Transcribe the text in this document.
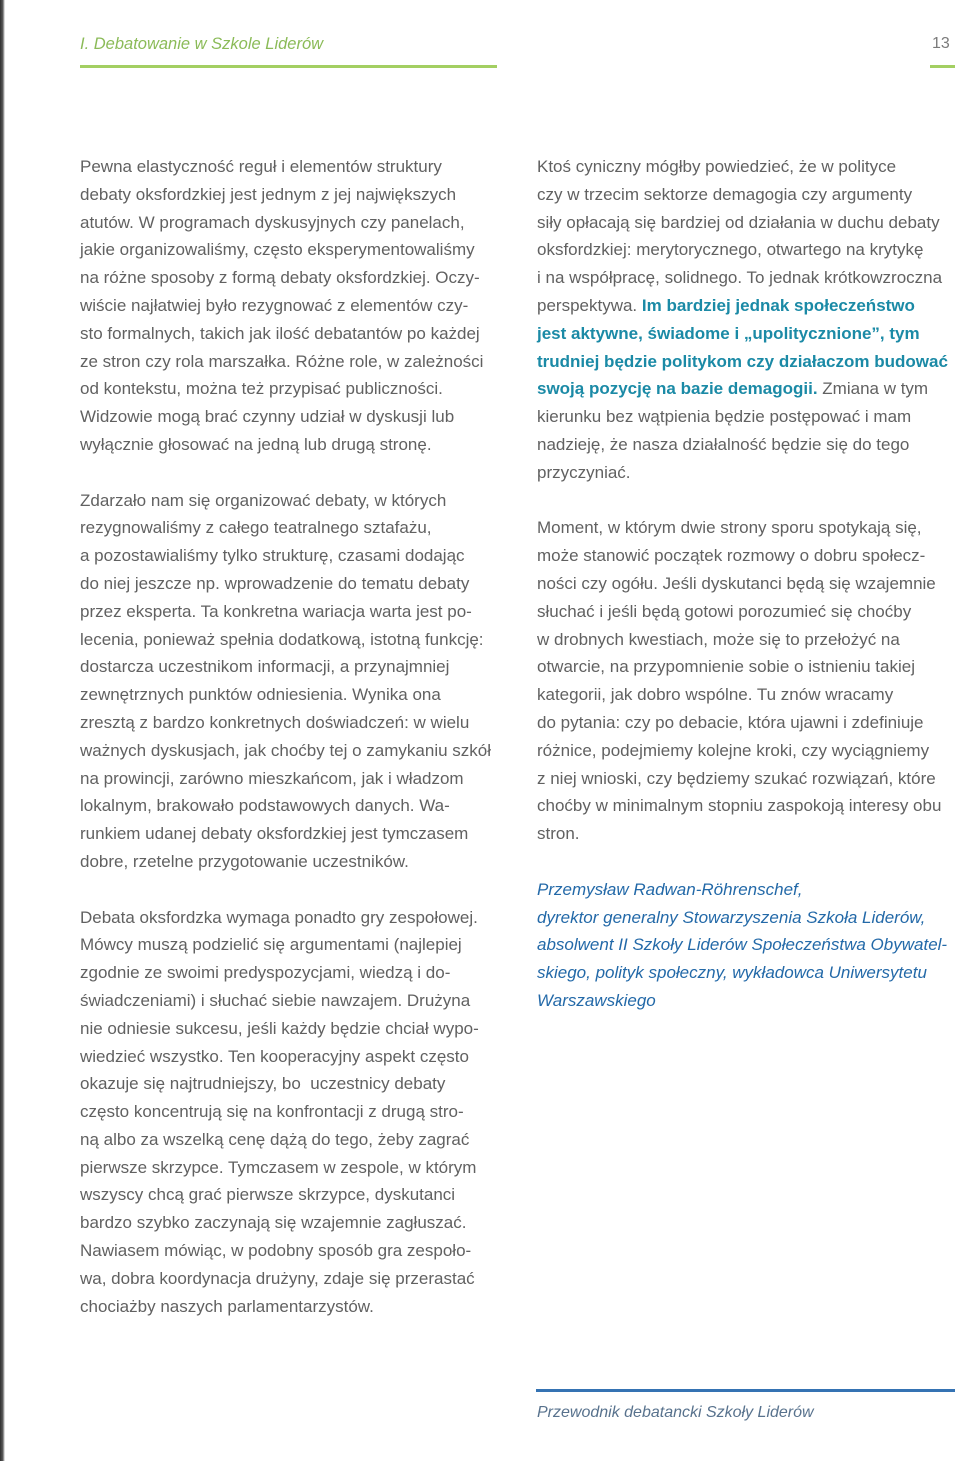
I. Debatowanie w Szkole Liderów	13

Pewna elastyczność reguł i elementów struktury
debaty oksfordzkiej jest jednym z jej największych
atutów. W programach dyskusyjnych czy panelach,
jakie organizowaliśmy, często eksperymentowaliśmy
na różne sposoby z formą debaty oksfordzkiej. Oczy-
wiście najłatwiej było rezygnować z elementów czy-
sto formalnych, takich jak ilość debatantów po każdej
ze stron czy rola marszałka. Różne role, w zależności
od kontekstu, można też przypisać publiczności.
Widzowie mogą brać czynny udział w dyskusji lub
wyłącznie głosować na jedną lub drugą stronę.

Zdarzało nam się organizować debaty, w których
rezygnowaliśmy z całego teatralnego sztafażu,
a pozostawialiśmy tylko strukturę, czasami dodając
do niej jeszcze np. wprowadzenie do tematu debaty
przez eksperta. Ta konkretna wariacja warta jest po-
lecenia, ponieważ spełnia dodatkową, istotną funkcję:
dostarcza uczestnikom informacji, a przynajmniej
zewnętrznych punktów odniesienia. Wynika ona
zresztą z bardzo konkretnych doświadczeń: w wielu
ważnych dyskusjach, jak choćby tej o zamykaniu szkół
na prowincji, zarówno mieszkańcom, jak i władzom
lokalnym, brakowało podstawowych danych. Wa-
runkiem udanej debaty oksfordzkiej jest tymczasem
dobre, rzetelne przygotowanie uczestników.

Debata oksfordzka wymaga ponadto gry zespołowej.
Mówcy muszą podzielić się argumentami (najlepiej
zgodnie ze swoimi predyspozycjami, wiedzą i do-
świadczeniami) i słuchać siebie nawzajem. Drużyna
nie odniesie sukcesu, jeśli każdy będzie chciał wypo-
wiedzieć wszystko. Ten kooperacyjny aspekt często
okazuje się najtrudniejszy, bo  uczestnicy debaty
często koncentrują się na konfrontacji z drugą stro-
ną albo za wszelką cenę dążą do tego, żeby zagrać
pierwsze skrzypce. Tymczasem w zespole, w którym
wszyscy chcą grać pierwsze skrzypce, dyskutanci
bardzo szybko zaczynają się wzajemnie zagłuszać.
Nawiasem mówiąc, w podobny sposób gra zespoło-
wa, dobra koordynacja drużyny, zdaje się przerastać
chociażby naszych parlamentarzystów.

Ktoś cyniczny mógłby powiedzieć, że w polityce
czy w trzecim sektorze demagogia czy argumenty
siły opłacają się bardziej od działania w duchu debaty
oksfordzkiej: merytorycznego, otwartego na krytykę
i na współpracę, solidnego. To jednak krótkowzroczna
perspektywa. Im bardziej jednak społeczeństwo
jest aktywne, świadome i „upolitycznione”, tym
trudniej będzie politykom czy działaczom budować
swoją pozycję na bazie demagogii. Zmiana w tym
kierunku bez wątpienia będzie postępować i mam
nadzieję, że nasza działalność będzie się do tego
przyczyniać.

Moment, w którym dwie strony sporu spotykają się,
może stanowić początek rozmowy o dobru społecz-
ności czy ogółu. Jeśli dyskutanci będą się wzajemnie
słuchać i jeśli będą gotowi porozumieć się choćby
w drobnych kwestiach, może się to przełożyć na
otwarcie, na przypomnienie sobie o istnieniu takiej
kategorii, jak dobro wspólne. Tu znów wracamy
do pytania: czy po debacie, która ujawni i zdefiniuje
różnice, podejmiemy kolejne kroki, czy wyciągniemy
z niej wnioski, czy będziemy szukać rozwiązań, które
choćby w minimalnym stopniu zaspokoją interesy obu
stron.

Przemysław Radwan-Röhrenschef,
dyrektor generalny Stowarzyszenia Szkoła Liderów,
absolwent II Szkoły Liderów Społeczeństwa Obywatel-
skiego, polityk społeczny, wykładowca Uniwersytetu
Warszawskiego

Przewodnik debatancki Szkoły Liderów
